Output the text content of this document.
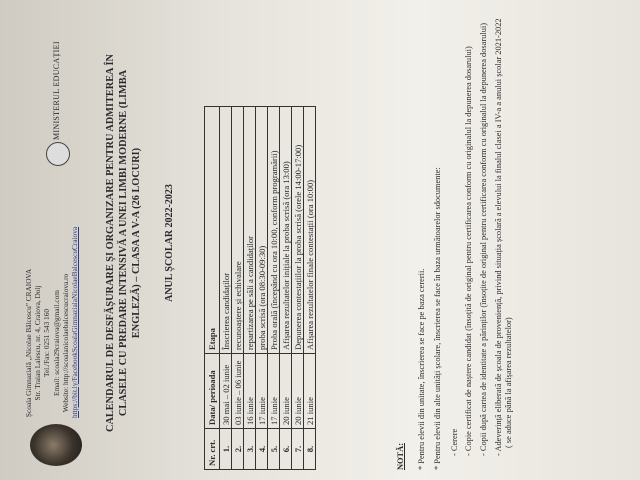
Școala Gimnazială „Nicolae Bălcescu” CRAIOVA Str. Traian Lalescu, nr. 4, Craiova, Dolj Tel./Fax: 0251 543 160 Email: scoala29craiova@gmail.com Website: http://scoalanicolaebalcescucraiova.ro https://bit.ly/FacebookScoalaGimnazialaNicolaeBalcescuCraiova
MINISTERUL EDUCAȚIEI	CALENDARUL DE DESFĂȘURARE ȘI ORGANIZARE PENTRU ADMITEREA ÎN CLASELE CU PREDARE INTENSIVĂ A UNEI LIMBI MODERNE (LIMBA ENGLEZĂ) – CLASA A V-A (26 LOCURI) ANUL ȘCOLAR 2022-2023
Nr. crt.	Data/ perioada	Etapa
1.	30 mai – 02 iunie	Înscrierea candidaților
2.	03 iunie – 06 iunie	recunoaștere și echivalare
3.	16 iunie	repartizarea pe săli a candidaților
4.	17 iunie	proba scrisă (ora 08:30-09:30)
5.	17 iunie	Proba orală (începând cu ora 10:00, conform programării)
6.	20 iunie	Afișarea rezultatelor inițiale la proba scrisă (ora 13:00)
7.	20 iunie	Depunerea contestațiilor la proba scrisă (orele 14:00-17:00)
8.	21 iunie	Afișarea rezultatelor finale contestații (ora 10:00)
NOTĂ: * Pentru elevii din unitate, înscrierea se face pe baza cererii. * Pentru elevii din alte unități școlare, înscrierea se face în baza următoarelor sdocumente: - Cerere - Copie certificat de naștere candidat (însoțită de original pentru certificarea conform cu originalul la depunerea dosarului) - Copii după cartea de identitate a părinților (însoțite de original pentru certificarea conform cu originalul la depunerea dosarului) - Adeverință eliberată de școala de proveniență, privind situația școlară a elevului la finalul clasei a IV-a a anului școlar 2021-2022 ( se aduce până la afișarea rezultatelor)
